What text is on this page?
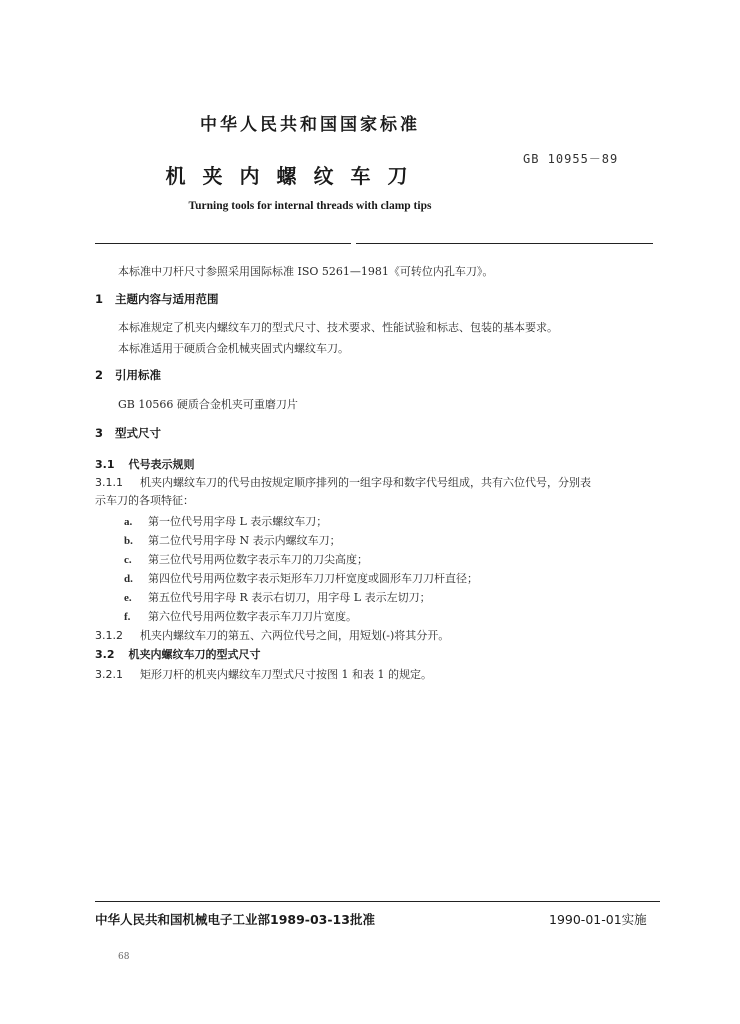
中华人民共和国国家标准
GB 10955－89
机夹内螺纹车刀
Turning tools for internal threads with clamp tips
本标准中刀杆尺寸参照采用国际标准 ISO 5261—1981《可转位内孔车刀》。
1 主题内容与适用范围
本标准规定了机夹内螺纹车刀的型式尺寸、技术要求、性能试验和标志、包装的基本要求。
本标准适用于硬质合金机械夹固式内螺纹车刀。
2 引用标准
GB 10566 硬质合金机夹可重磨刀片
3 型式尺寸
3.1 代号表示规则
3.1.1 机夹内螺纹车刀的代号由按规定顺序排列的一组字母和数字代号组成，共有六位代号，分别表
示车刀的各项特征：
a. 第一位代号用字母 L 表示螺纹车刀；
b. 第二位代号用字母 N 表示内螺纹车刀；
c. 第三位代号用两位数字表示车刀的刀尖高度；
d. 第四位代号用两位数字表示矩形车刀刀杆宽度或圆形车刀刀杆直径；
e. 第五位代号用字母 R 表示右切刀，用字母 L 表示左切刀；
f. 第六位代号用两位数字表示车刀刀片宽度。
3.1.2 机夹内螺纹车刀的第五、六两位代号之间，用短划(-)将其分开。
3.2 机夹内螺纹车刀的型式尺寸
3.2.1 矩形刀杆的机夹内螺纹车刀型式尺寸按图 1 和表 1 的规定。
中华人民共和国机械电子工业部1989-03-13批准	1990-01-01实施
68
